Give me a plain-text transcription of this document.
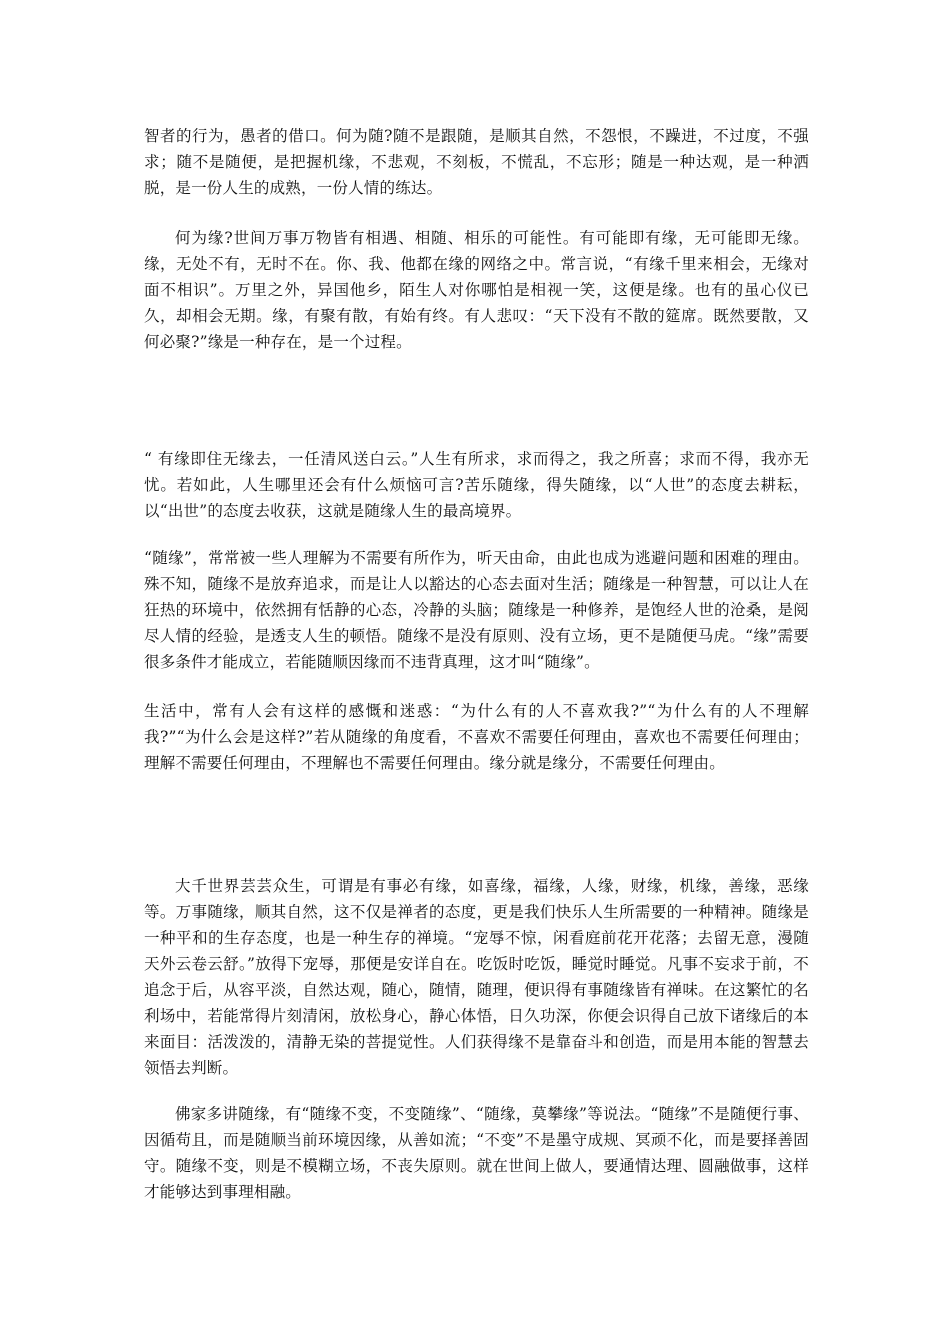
智者的行为，愚者的借口。何为随?随不是跟随，是顺其自然，不怨恨，不躁进，不过度，不强求；随不是随便，是把握机缘，不悲观，不刻板，不慌乱，不忘形；随是一种达观，是一种洒脱，是一份人生的成熟，一份人情的练达。

何为缘?世间万事万物皆有相遇、相随、相乐的可能性。有可能即有缘，无可能即无缘。缘，无处不有，无时不在。你、我、他都在缘的网络之中。常言说，“有缘千里来相会，无缘对面不相识”。万里之外，异国他乡，陌生人对你哪怕是相视一笑，这便是缘。也有的虽心仪已久，却相会无期。缘，有聚有散，有始有终。有人悲叹：“天下没有不散的筵席。既然要散，又何必聚?”缘是一种存在，是一个过程。

“ 有缘即住无缘去，一任清风送白云。”人生有所求，求而得之，我之所喜；求而不得，我亦无忧。若如此，人生哪里还会有什么烦恼可言?苦乐随缘，得失随缘，以“人世”的态度去耕耘，以“出世”的态度去收获，这就是随缘人生的最高境界。

“随缘”，常常被一些人理解为不需要有所作为，听天由命，由此也成为逃避问题和困难的理由。殊不知，随缘不是放弃追求，而是让人以豁达的心态去面对生活；随缘是一种智慧，可以让人在狂热的环境中，依然拥有恬静的心态，冷静的头脑；随缘是一种修养，是饱经人世的沧桑，是阅尽人情的经验，是透支人生的顿悟。随缘不是没有原则、没有立场，更不是随便马虎。“缘”需要很多条件才能成立，若能随顺因缘而不违背真理，这才叫“随缘”。

生活中，常有人会有这样的感慨和迷惑：“为什么有的人不喜欢我?”“为什么有的人不理解我?”“为什么会是这样?”若从随缘的角度看，不喜欢不需要任何理由，喜欢也不需要任何理由；理解不需要任何理由，不理解也不需要任何理由。缘分就是缘分，不需要任何理由。

大千世界芸芸众生，可谓是有事必有缘，如喜缘，福缘，人缘，财缘，机缘，善缘，恶缘等。万事随缘，顺其自然，这不仅是禅者的态度，更是我们快乐人生所需要的一种精神。随缘是一种平和的生存态度，也是一种生存的禅境。“宠辱不惊，闲看庭前花开花落；去留无意，漫随天外云卷云舒。”放得下宠辱，那便是安详自在。吃饭时吃饭，睡觉时睡觉。凡事不妄求于前，不追念于后，从容平淡，自然达观，随心，随情，随理，便识得有事随缘皆有禅味。在这繁忙的名利场中，若能常得片刻清闲，放松身心，静心体悟，日久功深，你便会识得自己放下诸缘后的本来面目：活泼泼的，清静无染的菩提觉性。人们获得缘不是靠奋斗和创造，而是用本能的智慧去领悟去判断。

佛家多讲随缘，有“随缘不变，不变随缘”、“随缘，莫攀缘”等说法。“随缘”不是随便行事、因循苟且，而是随顺当前环境因缘，从善如流；“不变”不是墨守成规、冥顽不化，而是要择善固守。随缘不变，则是不模糊立场，不丧失原则。就在世间上做人，要通情达理、圆融做事，这样才能够达到事理相融。
